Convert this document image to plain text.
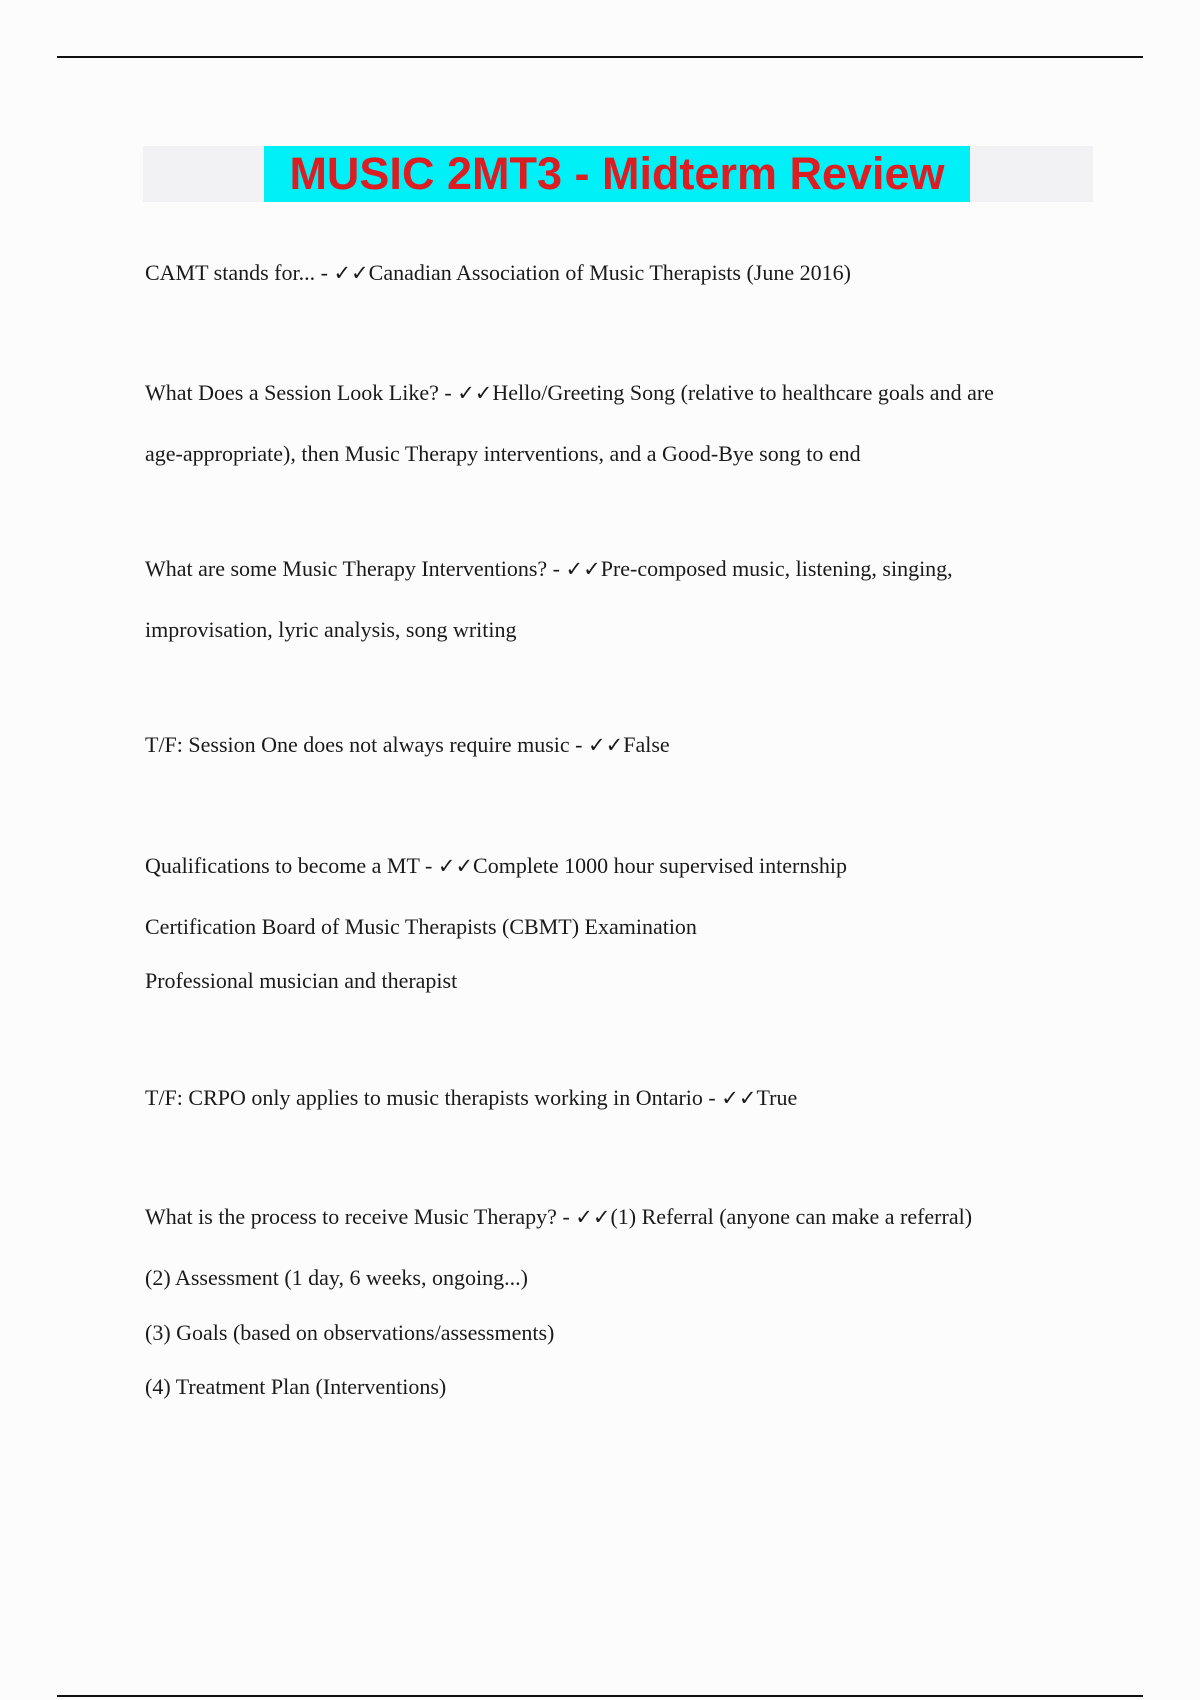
MUSIC 2MT3 - Midterm Review
CAMT stands for... - ✓✓Canadian Association of Music Therapists (June 2016)
What Does a Session Look Like? - ✓✓Hello/Greeting Song (relative to healthcare goals and are
age-appropriate), then Music Therapy interventions, and a Good-Bye song to end
What are some Music Therapy Interventions? - ✓✓Pre-composed music, listening, singing,
improvisation, lyric analysis, song writing
T/F: Session One does not always require music - ✓✓False
Qualifications to become a MT - ✓✓Complete 1000 hour supervised internship
Certification Board of Music Therapists (CBMT) Examination
Professional musician and therapist
T/F: CRPO only applies to music therapists working in Ontario - ✓✓True
What is the process to receive Music Therapy? - ✓✓(1) Referral (anyone can make a referral)
(2) Assessment (1 day, 6 weeks, ongoing...)
(3) Goals (based on observations/assessments)
(4) Treatment Plan (Interventions)
